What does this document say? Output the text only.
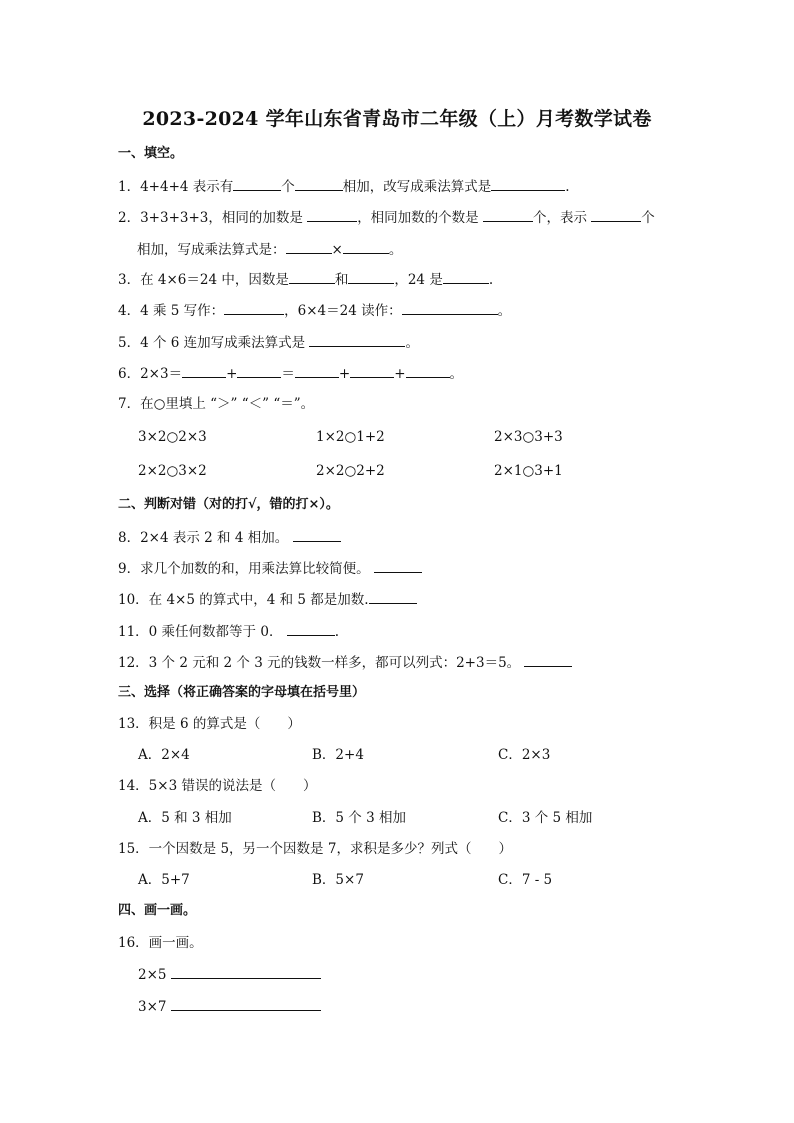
2023-2024 学年山东省青岛市二年级（上）月考数学试卷
一、填空。
1．4+4+4 表示有	个	相加，改写成乘法算式是	.
2．3+3+3+3，相同的加数是	，相同加数的个数是	个，表示	个
相加，写成乘法算式是：	×	。
3．在 4×6＝24 中，因数是	和	，24 是	.
4．4 乘 5 写作：	，6×4＝24 读作：	。
5．4 个 6 连加写成乘法算式是	。
6．2×3＝	+	＝	+	+	。
7．在○里填上 “＞” “＜” “＝”。
3×2○2×3	1×2○1+2	2×3○3+3
2×2○3×2	2×2○2+2	2×1○3+1
二、判断对错（对的打√，错的打×）。
8．2×4 表示 2 和 4 相加。
9．求几个加数的和，用乘法算比较简便。
10．在 4×5 的算式中，4 和 5 都是加数.
11．0 乘任何数都等于 0．	.
12．3 个 2 元和 2 个 3 元的钱数一样多，都可以列式：2+3＝5。
三、选择（将正确答案的字母填在括号里）
13．积是 6 的算式是（　　）
A．2×4	B．2+4	C．2×3
14．5×3 错误的说法是（　　）
A．5 和 3 相加	B．5 个 3 相加	C．3 个 5 相加
15．一个因数是 5，另一个因数是 7，求积是多少？列式（　　）
A．5+7	B．5×7	C．7 - 5
四、画一画。
16．画一画。
2×5
3×7
